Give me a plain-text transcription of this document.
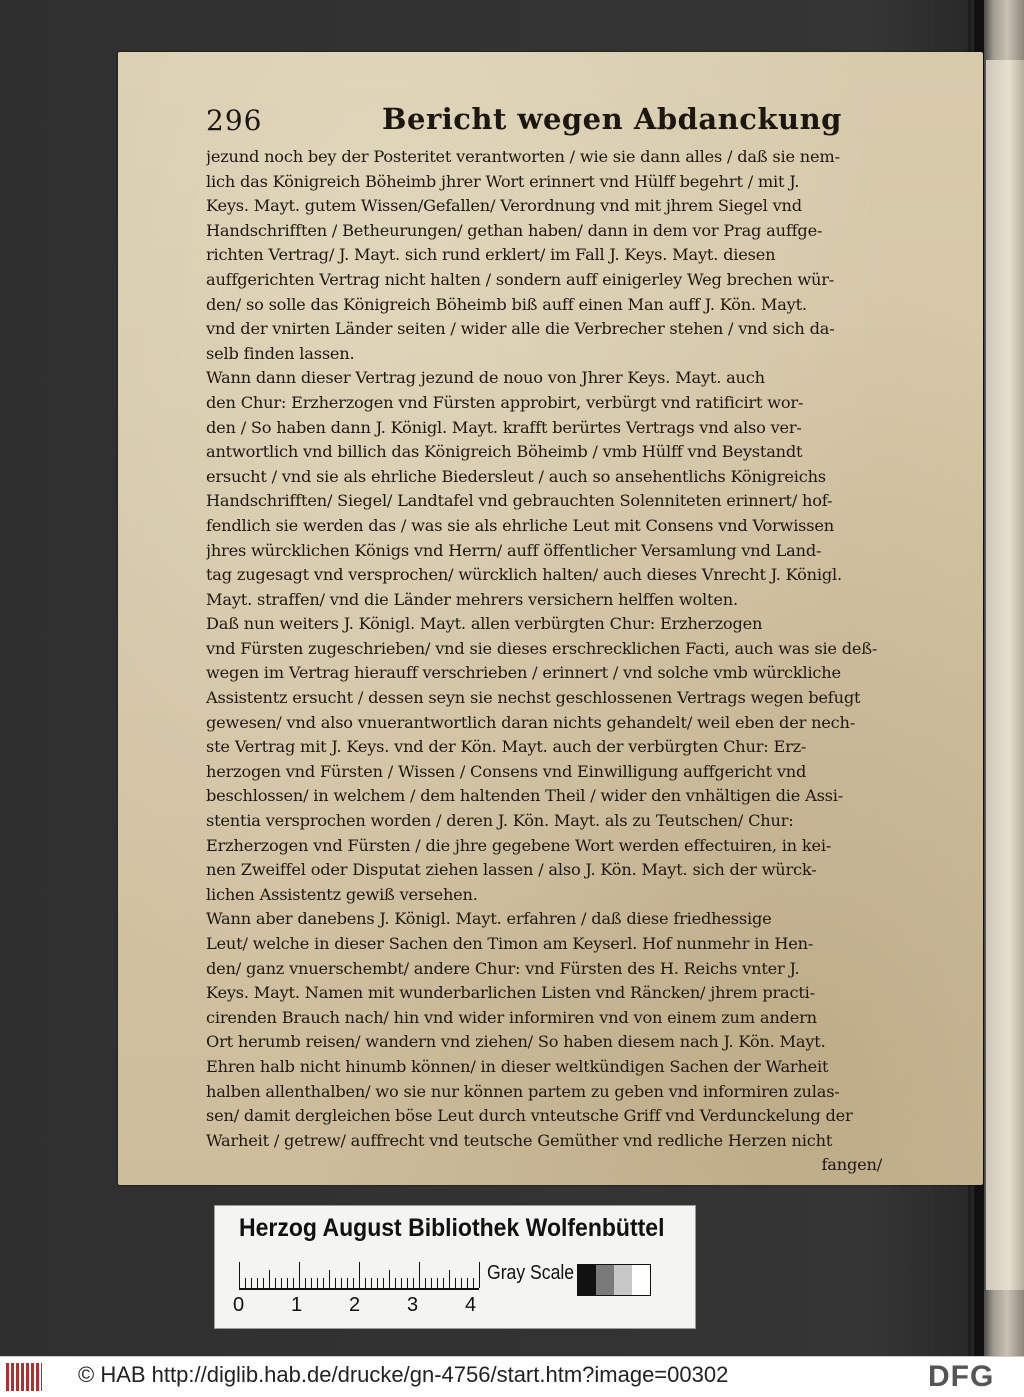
296	Bericht wegen Abdanckung
jezund noch bey der Posteritet verantworten / wie sie dann alles / daß sie nem-
lich das Königreich Böheimb jhrer Wort erinnert vnd Hülff begehrt / mit J.
Keys. Mayt. gutem Wissen/Gefallen/ Verordnung vnd mit jhrem Siegel vnd
Handschrifften / Betheurungen/ gethan haben/ dann in dem vor Prag auffge-
richten Vertrag/ J. Mayt. sich rund erklert/ im Fall J. Keys. Mayt. diesen
auffgerichten Vertrag nicht halten / sondern auff einigerley Weg brechen wür-
den/ so solle das Königreich Böheimb biß auff einen Man auff J. Kön. Mayt.
vnd der vnirten Länder seiten / wider alle die Verbrecher stehen / vnd sich da-
selb finden lassen.
Wann dann dieser Vertrag jezund de nouo von Jhrer Keys. Mayt. auch
den Chur: Erzherzogen vnd Fürsten approbirt, verbürgt vnd ratificirt wor-
den / So haben dann J. Königl. Mayt. krafft berürtes Vertrags vnd also ver-
antwortlich vnd billich das Königreich Böheimb / vmb Hülff vnd Beystandt
ersucht / vnd sie als ehrliche Biedersleut / auch so ansehentlichs Königreichs
Handschrifften/ Siegel/ Landtafel vnd gebrauchten Solenniteten erinnert/ hof-
fendlich sie werden das / was sie als ehrliche Leut mit Consens vnd Vorwissen
jhres würcklichen Königs vnd Herrn/ auff öffentlicher Versamlung vnd Land-
tag zugesagt vnd versprochen/ würcklich halten/ auch dieses Vnrecht J. Königl.
Mayt. straffen/ vnd die Länder mehrers versichern helffen wolten.
Daß nun weiters J. Königl. Mayt. allen verbürgten Chur: Erzherzogen
vnd Fürsten zugeschrieben/ vnd sie dieses erschrecklichen Facti, auch was sie deß-
wegen im Vertrag hierauff verschrieben / erinnert / vnd solche vmb würckliche
Assistentz ersucht / dessen seyn sie nechst geschlossenen Vertrags wegen befugt
gewesen/ vnd also vnuerantwortlich daran nichts gehandelt/ weil eben der nech-
ste Vertrag mit J. Keys. vnd der Kön. Mayt. auch der verbürgten Chur: Erz-
herzogen vnd Fürsten / Wissen / Consens vnd Einwilligung auffgericht vnd
beschlossen/ in welchem / dem haltenden Theil / wider den vnhältigen die Assi-
stentia versprochen worden / deren J. Kön. Mayt. als zu Teutschen/ Chur:
Erzherzogen vnd Fürsten / die jhre gegebene Wort werden effectuiren, in kei-
nen Zweiffel oder Disputat ziehen lassen / also J. Kön. Mayt. sich der würck-
lichen Assistentz gewiß versehen.
Wann aber danebens J. Königl. Mayt. erfahren / daß diese friedhessige
Leut/ welche in dieser Sachen den Timon am Keyserl. Hof nunmehr in Hen-
den/ ganz vnuerschembt/ andere Chur: vnd Fürsten des H. Reichs vnter J.
Keys. Mayt. Namen mit wunderbarlichen Listen vnd Räncken/ jhrem practi-
cirenden Brauch nach/ hin vnd wider informiren vnd von einem zum andern
Ort herumb reisen/ wandern vnd ziehen/ So haben diesem nach J. Kön. Mayt.
Ehren halb nicht hinumb können/ in dieser weltkündigen Sachen der Warheit
halben allenthalben/ wo sie nur können partem zu geben vnd informiren zulas-
sen/ damit dergleichen böse Leut durch vnteutsche Griff vnd Verdunckelung der
Warheit / getrew/ auffrecht vnd teutsche Gemüther vnd redliche Herzen nicht
fangen/
Herzog August Bibliothek Wolfenbüttel
0 1 2 3 4
Gray Scale
© HAB http://diglib.hab.de/drucke/gn-4756/start.htm?image=00302	DFG
